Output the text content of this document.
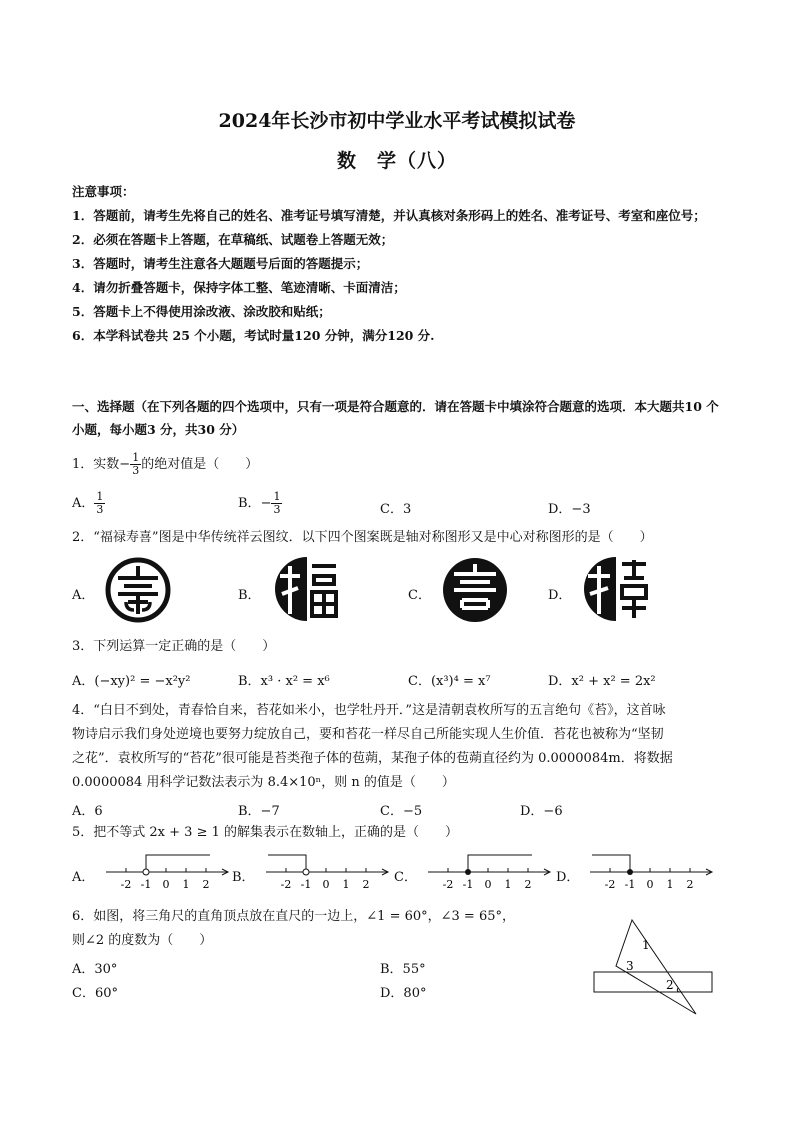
2024年长沙市初中学业水平考试模拟试卷
数　学（八）
注意事项：
1．答题前，请考生先将自己的姓名、准考证号填写清楚，并认真核对条形码上的姓名、准考证号、考室和座位号；
2．必须在答题卡上答题，在草稿纸、试题卷上答题无效；
3．答题时，请考生注意各大题题号后面的答题提示；
4．请勿折叠答题卡，保持字体工整、笔迹清晰、卡面清洁；
5．答题卡上不得使用涂改液、涂改胶和贴纸；
6．本学科试卷共 25 个小题，考试时量120 分钟，满分120 分.
一、选择题（在下列各题的四个选项中，只有一项是符合题意的．请在答题卡中填涂符合题意的选项．本大题共10 个小题，每小题3 分，共30 分）
1．实数− $\frac{1}{3}$ 的绝对值是（　　）
A． $\frac{1}{3}$	B．− $\frac{1}{3}$	C．3	D．−3
2．“福禄寿喜”图是中华传统祥云图纹．以下四个图案既是轴对称图形又是中心对称图形的是（　　）
A．	B．	C．	D．
3．下列运算一定正确的是（　　）
A．(−xy)² = −x²y²	B．x³ · x² = x⁶	C．(x³)⁴ = x⁷	D．x² + x² = 2x²
4．“白日不到处，青春恰自来，苔花如米小，也学牡丹开．”这是清朝袁枚所写的五言绝句《苔》，这首咏
物诗启示我们身处逆境也要努力绽放自己，要和苔花一样尽自己所能实现人生价值．苔花也被称为“坚韧
之花”．袁枚所写的“苔花”很可能是苔类孢子体的苞蒴，某孢子体的苞蒴直径约为 0.0000084m．将数据
0.0000084 用科学记数法表示为 8.4×10ⁿ，则 n 的值是（　　）
A．6	B．−7	C．−5	D．−6
5．把不等式 2x + 3 ≥ 1 的解集表示在数轴上，正确的是（　　）
A．	B．	C．	D．
-2 -1 0 1 2	-2 -1 0 1 2	-2 -1 0 1 2	-2 -1 0 1 2
6．如图，将三角尺的直角顶点放在直尺的一边上，∠1 = 60°，∠3 = 65°，
则∠2 的度数为（　　）
A．30°	B．55°
C．60°	D．80°
1
3
2
